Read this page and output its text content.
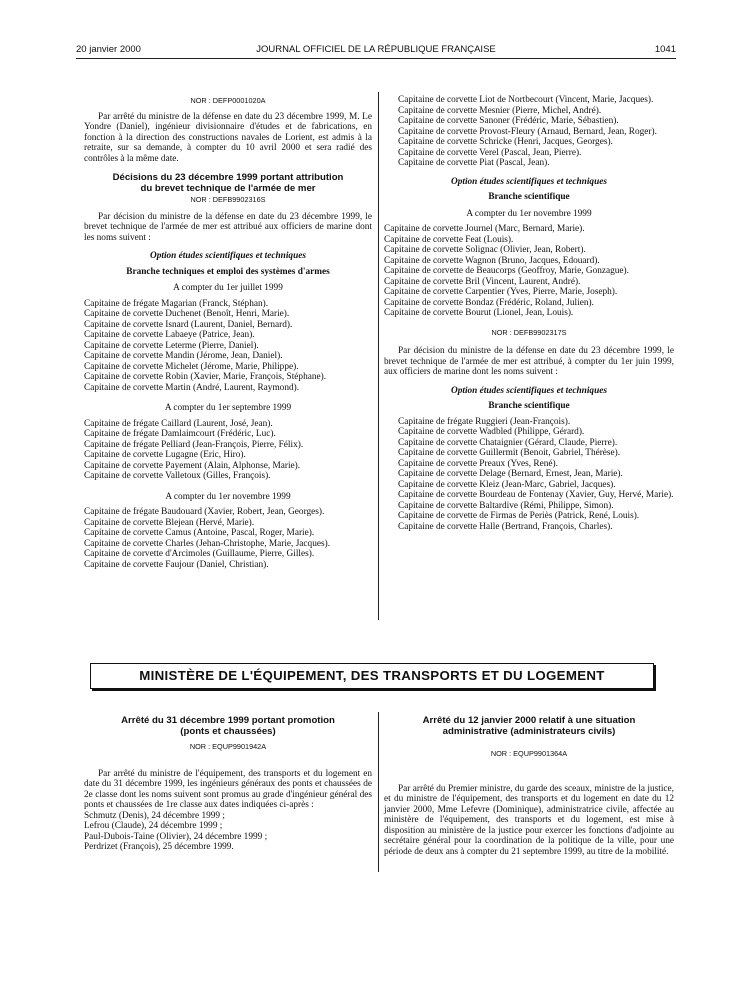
20 janvier 2000	JOURNAL OFFICIEL DE LA RÉPUBLIQUE FRANÇAISE	1041
NOR : DEFP0001020A

Par arrêté du ministre de la défense en date du 23 décembre 1999, M. Le Yondre (Daniel), ingénieur divisionnaire d'études et de fabrications, en fonction à la direction des constructions navales de Lorient, est admis à la retraite, sur sa demande, à compter du 10 avril 2000 et sera radié des contrôles à la même date.

Décisions du 23 décembre 1999 portant attribution
du brevet technique de l'armée de mer
NOR : DEFB9902316S

Par décision du ministre de la défense en date du 23 décembre 1999, le brevet technique de l'armée de mer est attribué aux officiers de marine dont les noms suivent :

Option études scientifiques et techniques
Branche techniques et emploi des systèmes d'armes
A compter du 1er juillet 1999
Capitaine de frégate Magarian (Franck, Stéphan).
Capitaine de corvette Duchenet (Benoît, Henri, Marie).
Capitaine de corvette Isnard (Laurent, Daniel, Bernard).
Capitaine de corvette Labaeye (Patrice, Jean).
Capitaine de corvette Leterme (Pierre, Daniel).
Capitaine de corvette Mandin (Jérome, Jean, Daniel).
Capitaine de corvette Michelet (Jérome, Marie, Philippe).
Capitaine de corvette Robin (Xavier, Marie, François, Stéphane).
Capitaine de corvette Martin (André, Laurent, Raymond).
A compter du 1er septembre 1999
Capitaine de frégate Caillard (Laurent, José, Jean).
Capitaine de frégate Damlaimcourt (Frédéric, Luc).
Capitaine de frégate Pelliard (Jean-François, Pierre, Félix).
Capitaine de corvette Lugagne (Eric, Hiro).
Capitaine de corvette Payement (Alain, Alphonse, Marie).
Capitaine de corvette Valletoux (Gilles, François).
A compter du 1er novembre 1999
Capitaine de frégate Baudouard (Xavier, Robert, Jean, Georges).
Capitaine de corvette Blejean (Hervé, Marie).
Capitaine de corvette Camus (Antoine, Pascal, Roger, Marie).
Capitaine de corvette Charles (Jehan-Christophe, Marie, Jacques).
Capitaine de corvette d'Arcimoles (Guillaume, Pierre, Gilles).
Capitaine de corvette Faujour (Daniel, Christian).
Capitaine de corvette Liot de Nortbecourt (Vincent, Marie, Jacques).
Capitaine de corvette Mesnier (Pierre, Michel, André).
Capitaine de corvette Sanoner (Frédéric, Marie, Sébastien).
Capitaine de corvette Provost-Fleury (Arnaud, Bernard, Jean, Roger).
Capitaine de corvette Schricke (Henri, Jacques, Georges).
Capitaine de corvette Verel (Pascal, Jean, Pierre).
Capitaine de corvette Piat (Pascal, Jean).
Option études scientifiques et techniques
Branche scientifique
A compter du 1er novembre 1999
Capitaine de corvette Journel (Marc, Bernard, Marie).
Capitaine de corvette Feat (Louis).
Capitaine de corvette Solignac (Olivier, Jean, Robert).
Capitaine de corvette Wagnon (Bruno, Jacques, Edouard).
Capitaine de corvette de Beaucorps (Geoffroy, Marie, Gonzague).
Capitaine de corvette Bril (Vincent, Laurent, André).
Capitaine de corvette Carpentier (Yves, Pierre, Marie, Joseph).
Capitaine de corvette Bondaz (Frédéric, Roland, Julien).
Capitaine de corvette Bourut (Lionel, Jean, Louis).
NOR : DEFB9902317S

Par décision du ministre de la défense en date du 23 décembre 1999, le brevet technique de l'armée de mer est attribué, à compter du 1er juin 1999, aux officiers de marine dont les noms suivent :

Option études scientifiques et techniques
Branche scientifique
Capitaine de frégate Ruggieri (Jean-François).
Capitaine de corvette Wadbled (Philippe, Gérard).
Capitaine de corvette Chataignier (Gérard, Claude, Pierre).
Capitaine de corvette Guillermit (Benoit, Gabriel, Thérèse).
Capitaine de corvette Preaux (Yves, René).
Capitaine de corvette Delage (Bernard, Ernest, Jean, Marie).
Capitaine de corvette Kleiz (Jean-Marc, Gabriel, Jacques).
Capitaine de corvette Bourdeau de Fontenay (Xavier, Guy, Hervé, Marie).
Capitaine de corvette Baltardive (Rémi, Philippe, Simon).
Capitaine de corvette de Firmas de Periès (Patrick, René, Louis).
Capitaine de corvette Halle (Bertrand, François, Charles).
MINISTÈRE DE L'ÉQUIPEMENT, DES TRANSPORTS ET DU LOGEMENT
Arrêté du 31 décembre 1999 portant promotion
(ponts et chaussées)
NOR : EQUP9901942A

Par arrêté du ministre de l'équipement, des transports et du logement en date du 31 décembre 1999, les ingénieurs généraux des ponts et chaussées de 2e classe dont les noms suivent sont promus au grade d'ingénieur général des ponts et chaussées de 1re classe aux dates indiquées ci-après :

Schmutz (Denis), 24 décembre 1999 ;
Lefrou (Claude), 24 décembre 1999 ;
Paul-Dubois-Taine (Olivier), 24 décembre 1999 ;
Perdrizet (François), 25 décembre 1999.
Arrêté du 12 janvier 2000 relatif à une situation
administrative (administrateurs civils)
NOR : EQUP9901364A

Par arrêté du Premier ministre, du garde des sceaux, ministre de la justice, et du ministre de l'équipement, des transports et du logement en date du 12 janvier 2000, Mme Lefevre (Dominique), administratrice civile, affectée au ministère de l'équipement, des transports et du logement, est mise à disposition au ministère de la justice pour exercer les fonctions d'adjointe au secrétaire général pour la coordination de la politique de la ville, pour une période de deux ans à compter du 21 septembre 1999, au titre de la mobilité.
